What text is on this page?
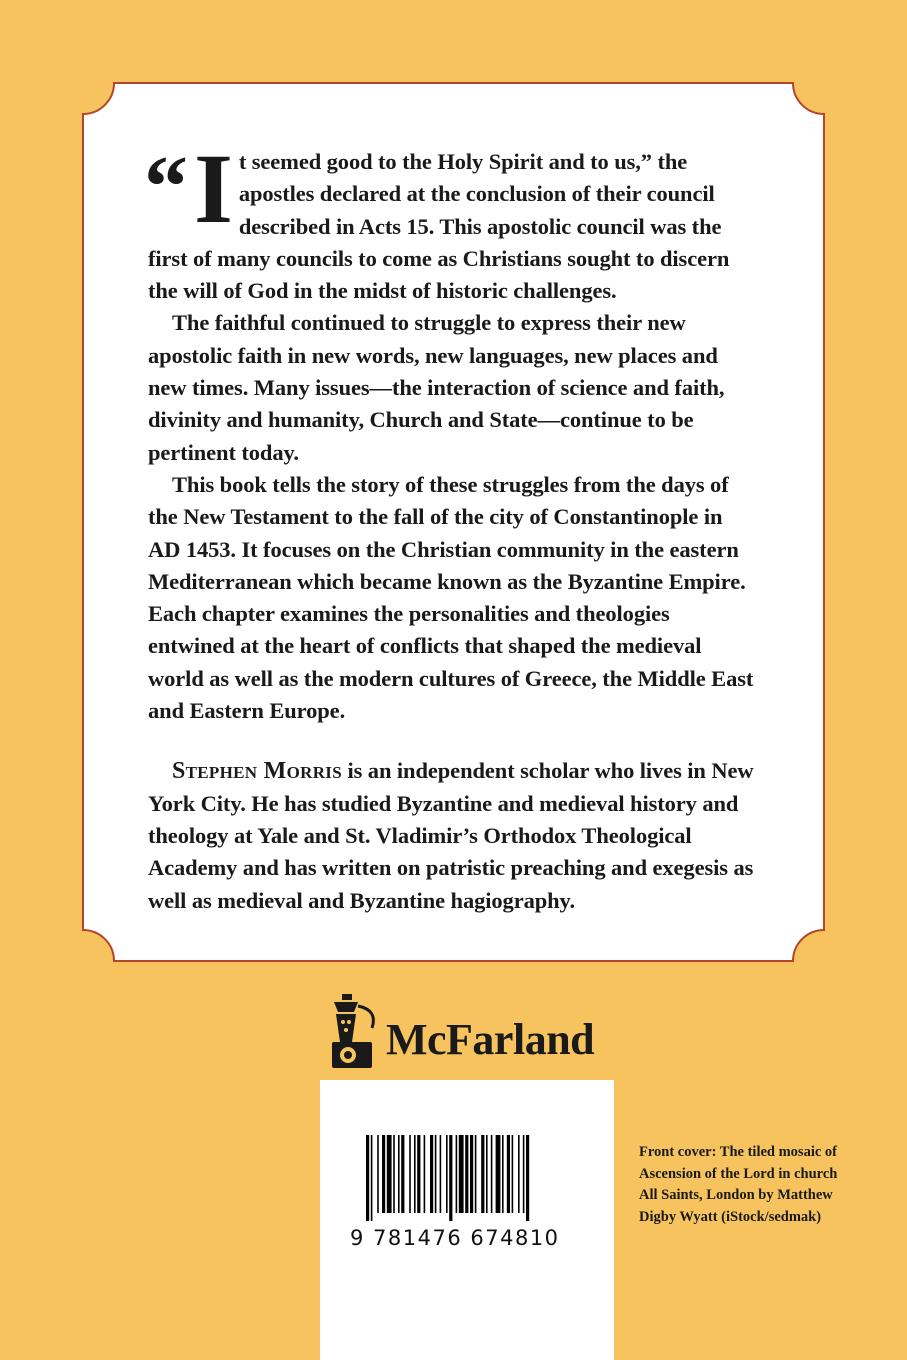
“ I t seemed good to the Holy Spirit and to us,” the apostles declared at the conclusion of their council described in Acts 15. This apostolic council was the first of many councils to come as Christians sought to discern the will of God in the midst of historic challenges.

The faithful continued to struggle to express their new apostolic faith in new words, new languages, new places and new times. Many issues—the interaction of science and faith, divinity and humanity, Church and State—continue to be pertinent today.

This book tells the story of these struggles from the days of the New Testament to the fall of the city of Constantinople in AD 1453. It focuses on the Christian community in the eastern Mediterranean which became known as the Byzantine Empire. Each chapter examines the personalities and theologies entwined at the heart of conflicts that shaped the medieval world as well as the modern cultures of Greece, the Middle East and Eastern Europe.

Stephen Morris is an independent scholar who lives in New York City. He has studied Byzantine and medieval history and theology at Yale and St. Vladimir’s Orthodox Theological Academy and has written on patristic preaching and exegesis as well as medieval and Byzantine hagiography.

McFarland
9 781476 674810
Front cover: The tiled mosaic of Ascension of the Lord in church All Saints, London by Matthew Digby Wyatt (iStock/sedmak)
